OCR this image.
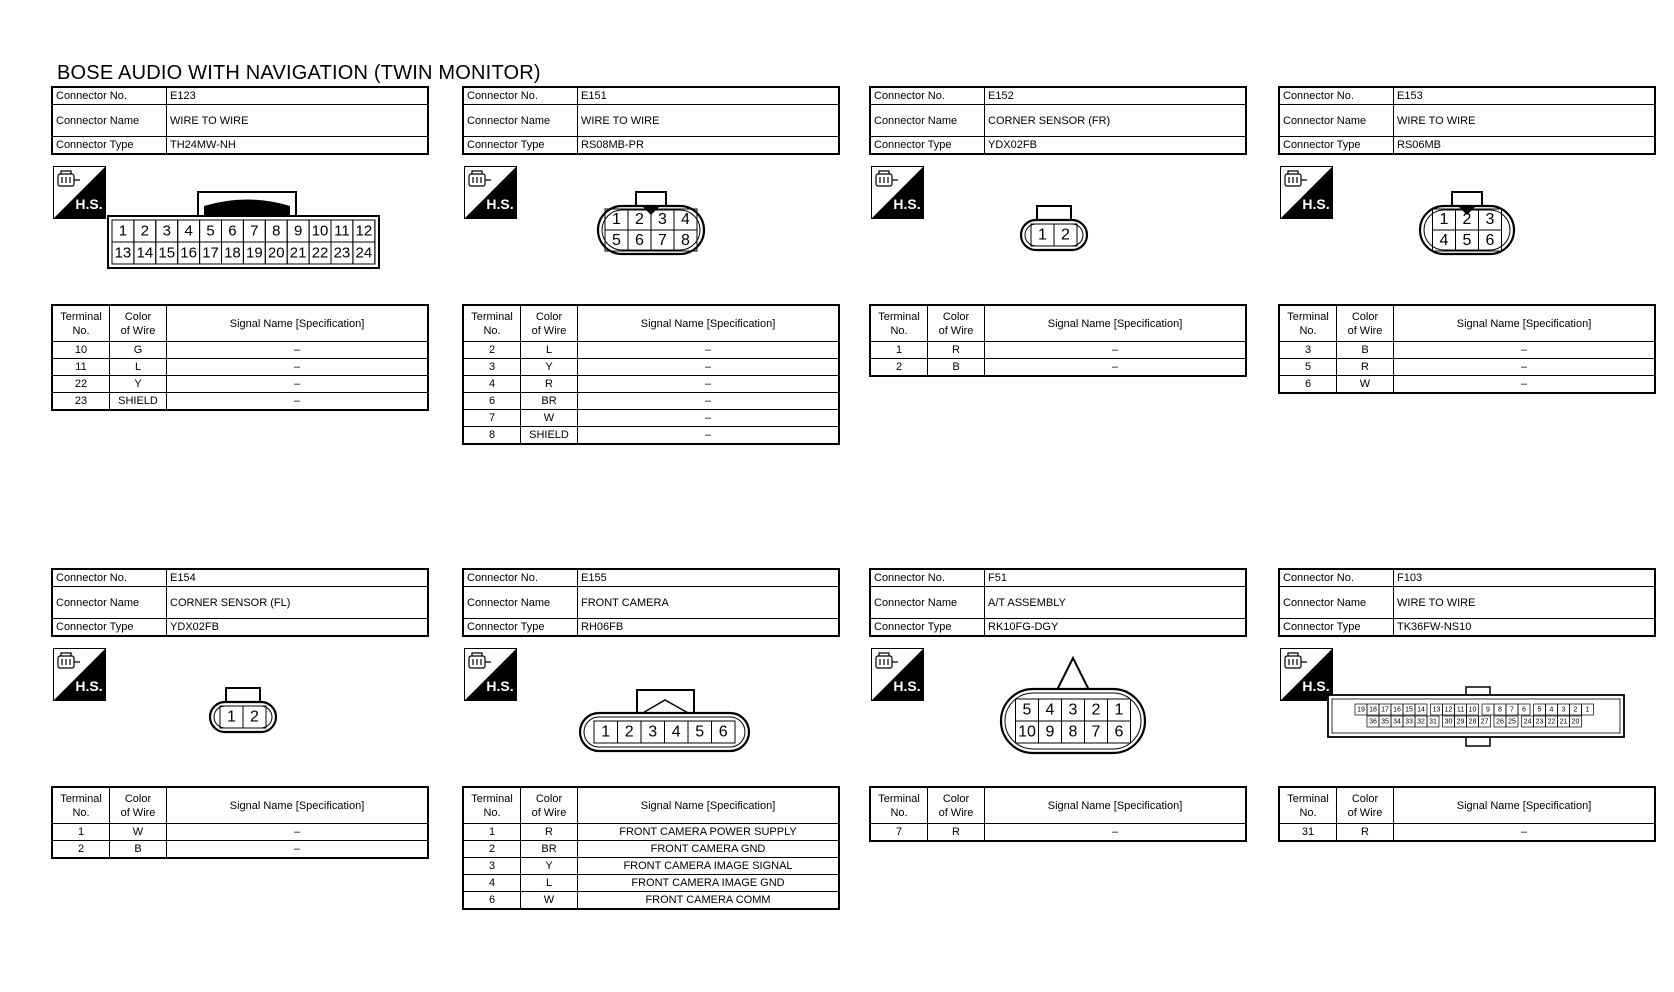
BOSE AUDIO WITH NAVIGATION (TWIN MONITOR)
Connector No.	E123
Connector Name	WIRE TO WIRE
Connector Type	TH24MW-NH
H.S.
1 2 3 4 5 6 7 8 9 10 11 12
13 14 15 16 17 18 19 20 21 22 23 24
Terminal
No.	Color
of Wire	Signal Name [Specification]
10	G	–
11	L	–
22	Y	–
23	SHIELD	–
Connector No.	E151
Connector Name	WIRE TO WIRE
Connector Type	RS08MB-PR
H.S.
1 2 3 4
5 6 7 8
Terminal
No.	Color
of Wire	Signal Name [Specification]
2	L	–
3	Y	–
4	R	–
6	BR	–
7	W	–
8	SHIELD	–
Connector No.	E152
Connector Name	CORNER SENSOR (FR)
Connector Type	YDX02FB
H.S.
1 2
Terminal
No.	Color
of Wire	Signal Name [Specification]
1	R	–
2	B	–
Connector No.	E153
Connector Name	WIRE TO WIRE
Connector Type	RS06MB
H.S.
1 2 3
4 5 6
Terminal
No.	Color
of Wire	Signal Name [Specification]
3	B	–
5	R	–
6	W	–
Connector No.	E154
Connector Name	CORNER SENSOR (FL)
Connector Type	YDX02FB
H.S.
1 2
Terminal
No.	Color
of Wire	Signal Name [Specification]
1	W	–
2	B	–
Connector No.	E155
Connector Name	FRONT CAMERA
Connector Type	RH06FB
H.S.
1 2 3 4 5 6
Terminal
No.	Color
of Wire	Signal Name [Specification]
1	R	FRONT CAMERA POWER SUPPLY
2	BR	FRONT CAMERA GND
3	Y	FRONT CAMERA IMAGE SIGNAL
4	L	FRONT CAMERA IMAGE GND
6	W	FRONT CAMERA COMM
Connector No.	F51
Connector Name	A/T ASSEMBLY
Connector Type	RK10FG-DGY
H.S.
5 4 3 2 1
10 9 8 7 6
Terminal
No.	Color
of Wire	Signal Name [Specification]
7	R	–
Connector No.	F103
Connector Name	WIRE TO WIRE
Connector Type	TK36FW-NS10
H.S.
19 18 17 16 15 14 13 12 11 10 9 8 7 6 5 4 3 2 1
36 35 34 33 32 31 30 29 28 27 26 25 24 23 22 21 20
Terminal
No.	Color
of Wire	Signal Name [Specification]
31	R	–
